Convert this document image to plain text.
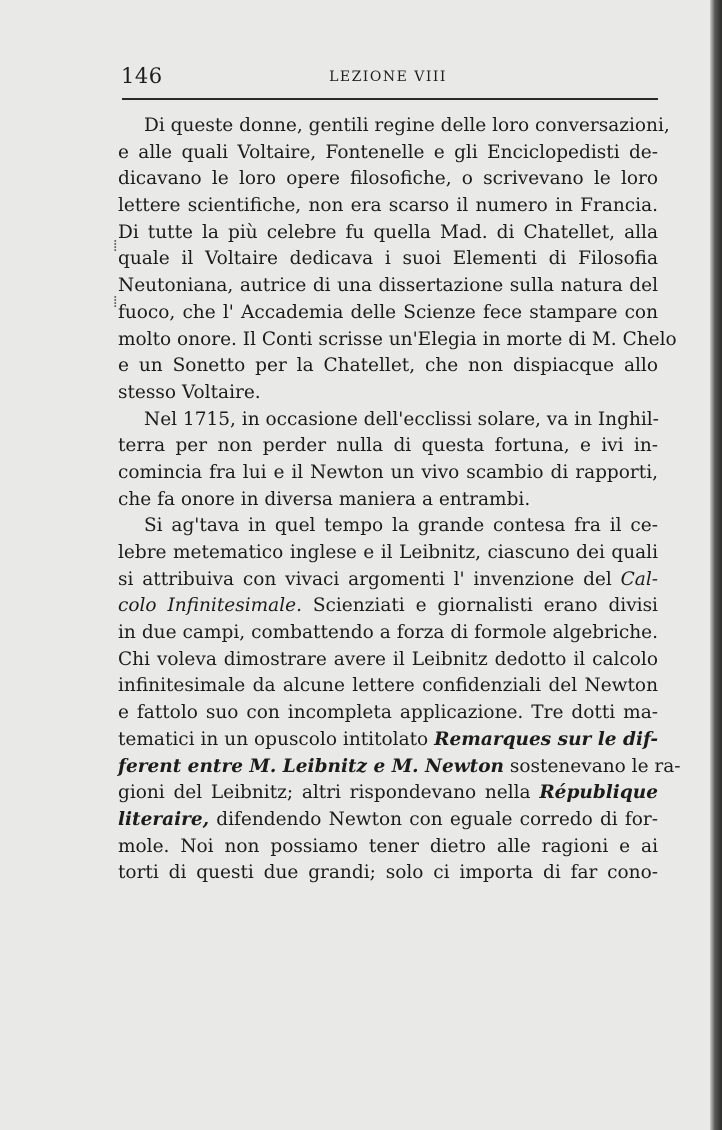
146	LEZIONE VIII
⁞
⁞
Di queste donne, gentili regine delle loro conversazioni,
e alle quali Voltaire, Fontenelle e gli Enciclopedisti de-
dicavano le loro opere filosofiche, o scrivevano le loro
lettere scientifiche, non era scarso il numero in Francia.
Di tutte la più celebre fu quella Mad. di Chatellet, alla
quale il Voltaire dedicava i suoi Elementi di Filosofia
Neutoniana, autrice di una dissertazione sulla natura del
fuoco, che l' Accademia delle Scienze fece stampare con
molto onore. Il Conti scrisse un'Elegia in morte di M. Chelo
e un Sonetto per la Chatellet, che non dispiacque allo
stesso Voltaire.
Nel 1715, in occasione dell'ecclissi solare, va in Inghil-
terra per non perder nulla di questa fortuna, e ivi in-
comincia fra lui e il Newton un vivo scambio di rapporti,
che fa onore in diversa maniera a entrambi.
Si ag'tava in quel tempo la grande contesa fra il ce-
lebre metematico inglese e il Leibnitz, ciascuno dei quali
si attribuiva con vivaci argomenti l' invenzione del Cal-
colo Infinitesimale. Scienziati e giornalisti erano divisi
in due campi, combattendo a forza di formole algebriche.
Chi voleva dimostrare avere il Leibnitz dedotto il calcolo
infinitesimale da alcune lettere confidenziali del Newton
e fattolo suo con incompleta applicazione. Tre dotti ma-
tematici in un opuscolo intitolato Remarques sur le dif-
ferent entre M. Leibnitz e M. Newton sostenevano le ra-
gioni del Leibnitz; altri rispondevano nella République
literaire, difendendo Newton con eguale corredo di for-
mole. Noi non possiamo tener dietro alle ragioni e ai
torti di questi due grandi; solo ci importa di far cono-
